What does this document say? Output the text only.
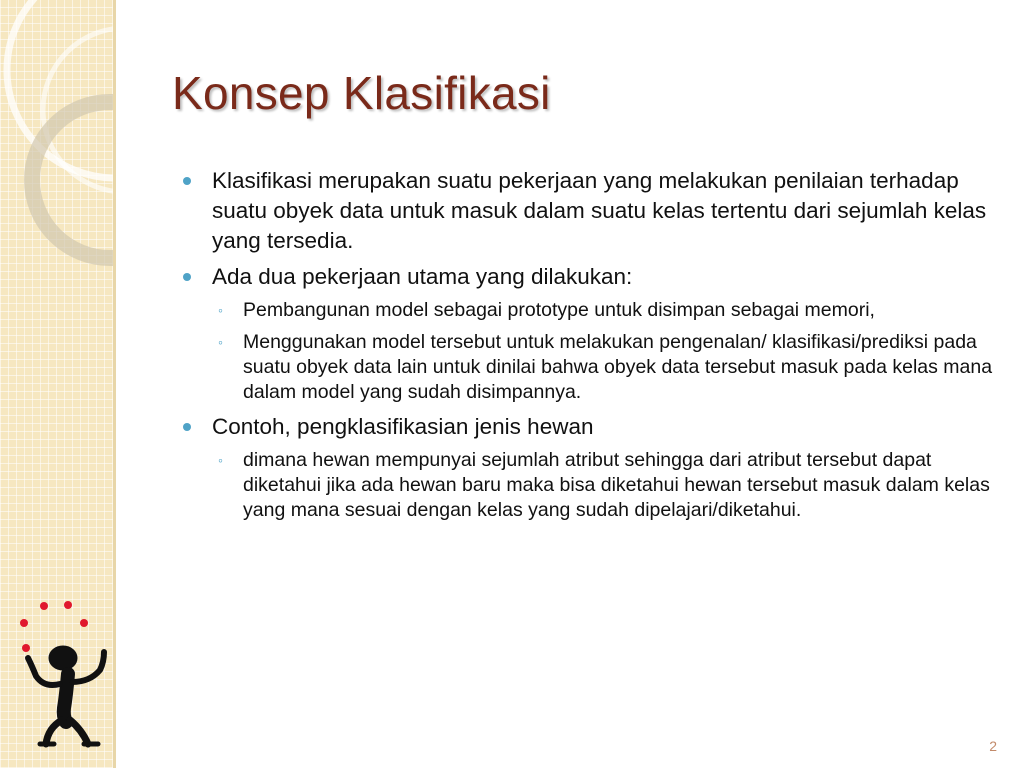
Konsep Klasifikasi
Klasifikasi merupakan suatu pekerjaan yang melakukan penilaian terhadap suatu obyek data untuk masuk dalam suatu kelas tertentu dari sejumlah kelas yang tersedia.
Ada dua pekerjaan utama yang dilakukan:
◦ Pembangunan model sebagai prototype untuk disimpan sebagai memori,
◦ Menggunakan model tersebut untuk melakukan pengenalan/ klasifikasi/prediksi pada suatu obyek data lain untuk dinilai bahwa obyek data tersebut masuk pada kelas mana dalam model yang sudah disimpannya.
Contoh, pengklasifikasian jenis hewan
◦ dimana hewan mempunyai sejumlah atribut sehingga dari atribut tersebut dapat diketahui jika ada hewan baru maka bisa diketahui hewan tersebut masuk dalam kelas yang mana sesuai dengan kelas yang sudah dipelajari/diketahui.
2
